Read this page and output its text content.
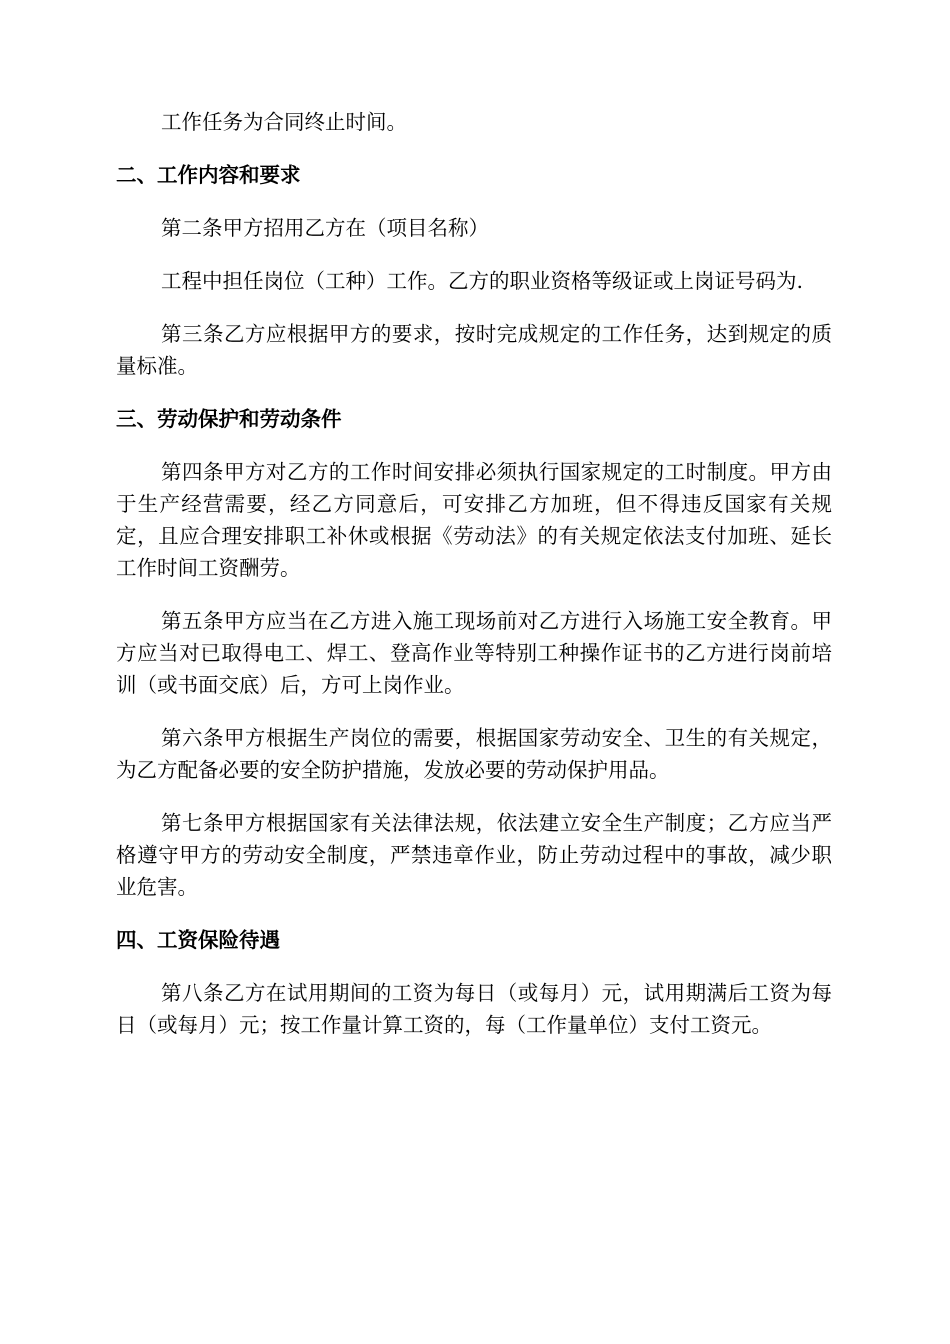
工作任务为合同终止时间。

二、工作内容和要求

第二条甲方招用乙方在（项目名称）

工程中担任岗位（工种）工作。乙方的职业资格等级证或上岗证号码为.

第三条乙方应根据甲方的要求，按时完成规定的工作任务，达到规定的质量标准。

三、劳动保护和劳动条件

第四条甲方对乙方的工作时间安排必须执行国家规定的工时制度。甲方由于生产经营需要，经乙方同意后，可安排乙方加班，但不得违反国家有关规定，且应合理安排职工补休或根据《劳动法》的有关规定依法支付加班、延长工作时间工资酬劳。

第五条甲方应当在乙方进入施工现场前对乙方进行入场施工安全教育。甲方应当对已取得电工、焊工、登高作业等特别工种操作证书的乙方进行岗前培训（或书面交底）后，方可上岗作业。

第六条甲方根据生产岗位的需要，根据国家劳动安全、卫生的有关规定，为乙方配备必要的安全防护措施，发放必要的劳动保护用品。

第七条甲方根据国家有关法律法规，依法建立安全生产制度；乙方应当严格遵守甲方的劳动安全制度，严禁违章作业，防止劳动过程中的事故，减少职业危害。

四、工资保险待遇

第八条乙方在试用期间的工资为每日（或每月）元，试用期满后工资为每日（或每月）元；按工作量计算工资的，每（工作量单位）支付工资元。
